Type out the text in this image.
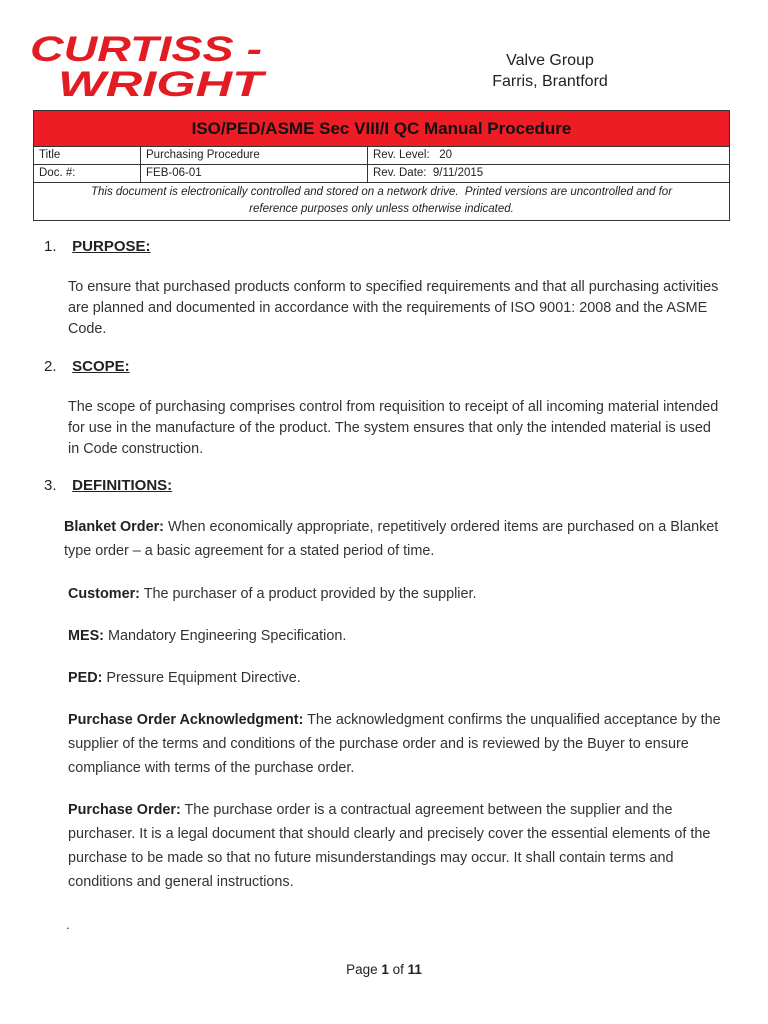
CURTISS -
WRIGHT
Valve Group
Farris, Brantford
ISO/PED/ASME Sec VIII/I QC Manual Procedure
Title	Purchasing Procedure	Rev. Level:   20
Doc. #:	FEB-06-01	Rev. Date:  9/11/2015
This document is electronically controlled and stored on a network drive.  Printed versions are uncontrolled and for
reference purposes only unless otherwise indicated.
1. PURPOSE:
To ensure that purchased products conform to specified requirements and that all purchasing activities
are planned and documented in accordance with the requirements of ISO 9001: 2008 and the ASME
Code.
2. SCOPE:
The scope of purchasing comprises control from requisition to receipt of all incoming material intended
for use in the manufacture of the product. The system ensures that only the intended material is used
in Code construction.
3. DEFINITIONS:
Blanket Order: When economically appropriate, repetitively ordered items are purchased on a Blanket
type order – a basic agreement for a stated period of time.
Customer: The purchaser of a product provided by the supplier.
MES: Mandatory Engineering Specification.
PED: Pressure Equipment Directive.
Purchase Order Acknowledgment: The acknowledgment confirms the unqualified acceptance by the
supplier of the terms and conditions of the purchase order and is reviewed by the Buyer to ensure
compliance with terms of the purchase order.
Purchase Order: The purchase order is a contractual agreement between the supplier and the
purchaser. It is a legal document that should clearly and precisely cover the essential elements of the
purchase to be made so that no future misunderstandings may occur. It shall contain terms and
conditions and general instructions.
.
Page 1 of 11
